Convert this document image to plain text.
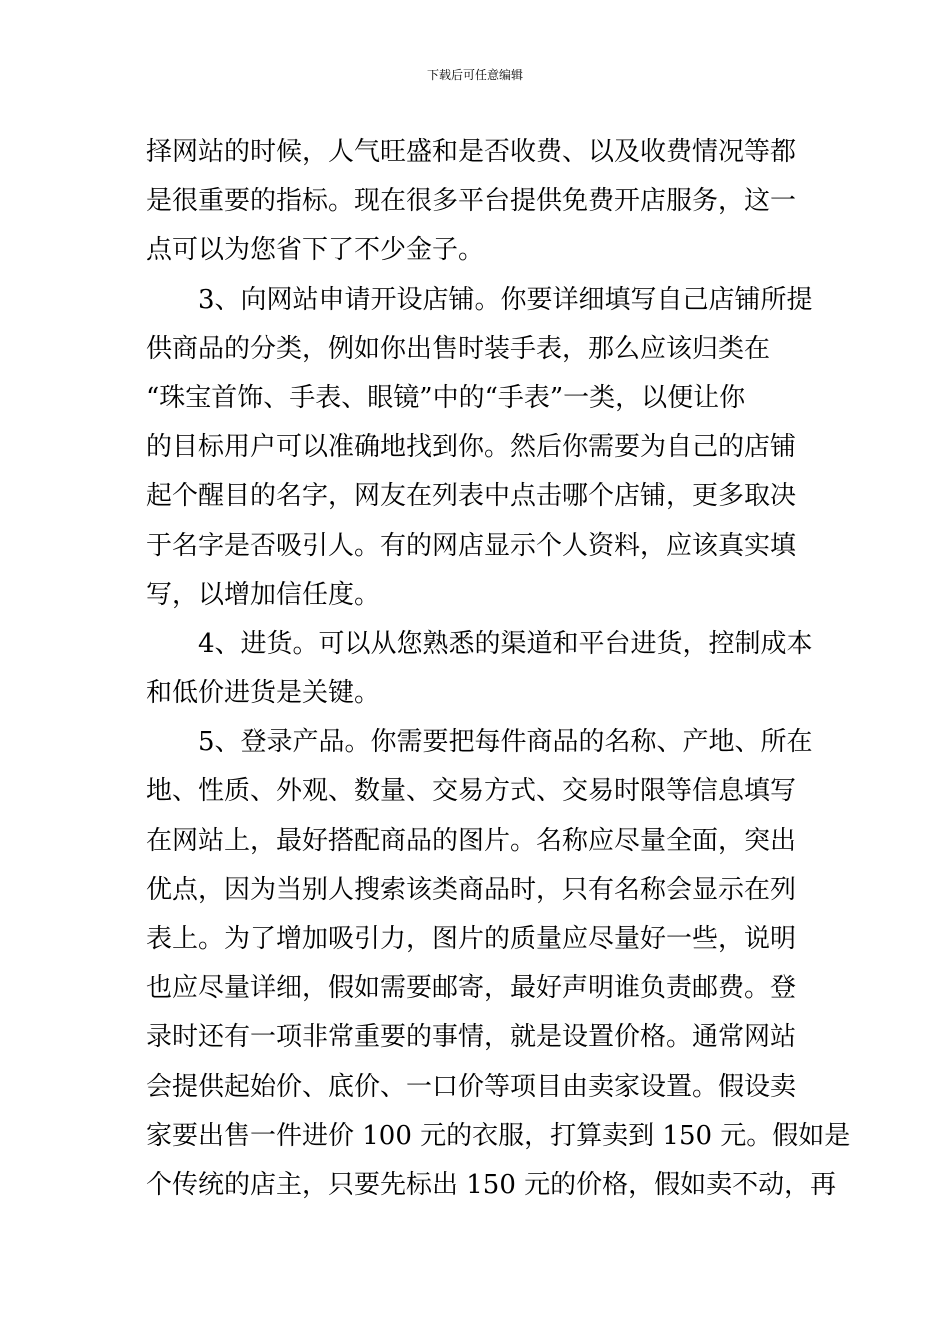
下载后可任意编辑
择网站的时候，人气旺盛和是否收费、以及收费情况等都
是很重要的指标。现在很多平台提供免费开店服务，这一
点可以为您省下了不少金子。
3、向网站申请开设店铺。你要详细填写自己店铺所提
供商品的分类，例如你出售时装手表，那么应该归类在
“珠宝首饰、手表、眼镜”中的“手表”一类，以便让你
的目标用户可以准确地找到你。然后你需要为自己的店铺
起个醒目的名字，网友在列表中点击哪个店铺，更多取决
于名字是否吸引人。有的网店显示个人资料，应该真实填
写，以增加信任度。
4、进货。可以从您熟悉的渠道和平台进货，控制成本
和低价进货是关键。
5、登录产品。你需要把每件商品的名称、产地、所在
地、性质、外观、数量、交易方式、交易时限等信息填写
在网站上，最好搭配商品的图片。名称应尽量全面，突出
优点，因为当别人搜索该类商品时，只有名称会显示在列
表上。为了增加吸引力，图片的质量应尽量好一些，说明
也应尽量详细，假如需要邮寄，最好声明谁负责邮费。登
录时还有一项非常重要的事情，就是设置价格。通常网站
会提供起始价、底价、一口价等项目由卖家设置。假设卖
家要出售一件进价 100 元的衣服，打算卖到 150 元。假如是
个传统的店主，只要先标出 150 元的价格，假如卖不动，再
